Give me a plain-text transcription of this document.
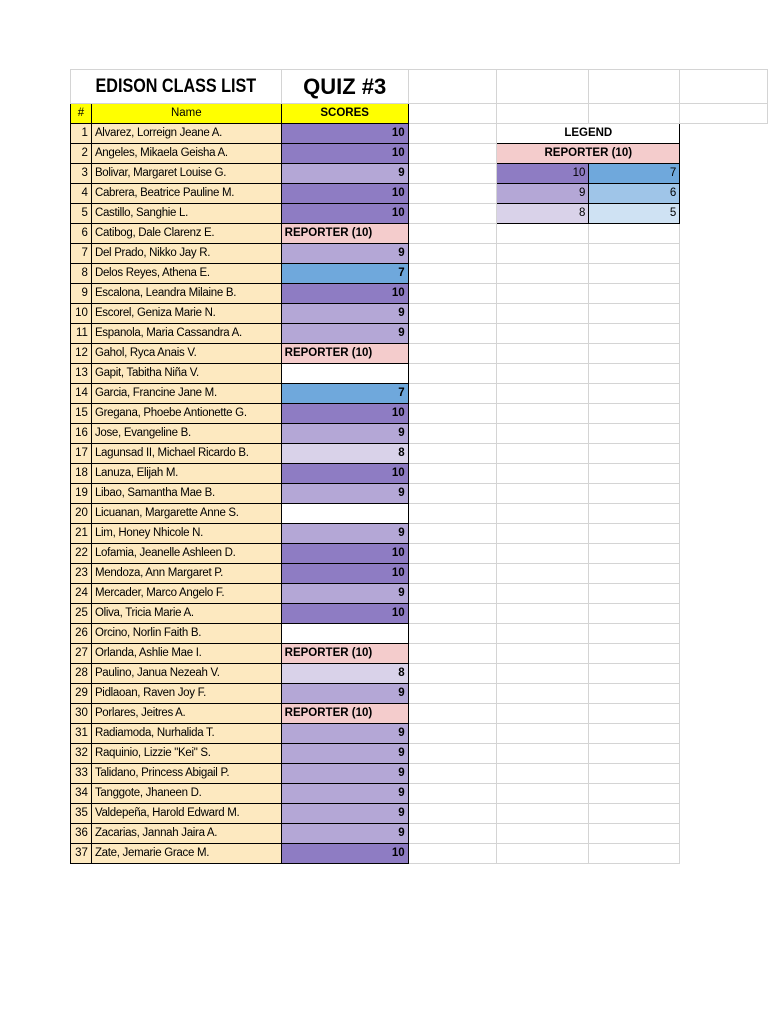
EDISON CLASS LIST		QUIZ #3				

#	Name	SCORES				
1	Alvarez, Lorreign Jeane A.	10		LEGEND		
2	Angeles, Mikaela Geisha A.	10		REPORTER (10)		
3	Bolivar, Margaret Louise G.	9		10	7	
4	Cabrera, Beatrice Pauline M.	10		9	6	
5	Castillo, Sanghie L.	10		8	5	
6	Catibog, Dale Clarenz E.	REPORTER (10)				
7	Del Prado, Nikko Jay R.	9				
8	Delos Reyes, Athena E.	7				
9	Escalona, Leandra Milaine B.	10				
10	Escorel, Geniza Marie N.	9				
11	Espanola, Maria Cassandra A.	9				
12	Gahol, Ryca Anais V.	REPORTER (10)				
13	Gapit, Tabitha Niña V.					
14	Garcia, Francine Jane M.	7				
15	Gregana, Phoebe Antionette G.	10				
16	Jose, Evangeline B.	9				
17	Lagunsad II, Michael Ricardo B.	8				
18	Lanuza, Elijah M.	10				
19	Libao, Samantha Mae B.	9				
20	Licuanan, Margarette Anne S.					
21	Lim, Honey Nhicole N.	9				
22	Lofamia, Jeanelle Ashleen D.	10				
23	Mendoza, Ann Margaret P.	10				
24	Mercader, Marco Angelo F.	9				
25	Oliva, Tricia Marie A.	10				
26	Orcino, Norlin Faith B.					
27	Orlanda, Ashlie Mae I.	REPORTER (10)				
28	Paulino, Janua Nezeah V.	8				
29	Pidlaoan, Raven Joy F.	9				
30	Porlares, Jeitres A.	REPORTER (10)				
31	Radiamoda, Nurhalida T.	9				
32	Raquinio, Lizzie "Kei" S.	9				
33	Talidano, Princess Abigail P.	9				
34	Tanggote, Jhaneen D.	9				
35	Valdepeña, Harold Edward M.	9				
36	Zacarias, Jannah Jaira A.	9				
37	Zate, Jemarie Grace M.	10				
